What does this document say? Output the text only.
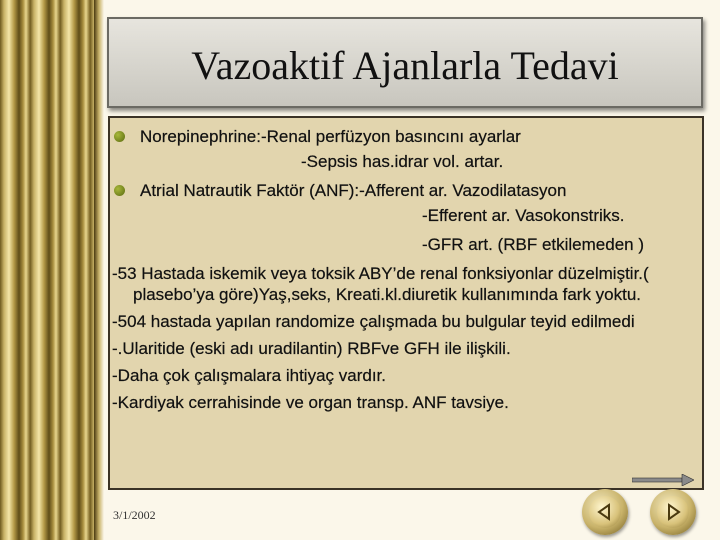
Vazoaktif Ajanlarla Tedavi
Norepinephrine:-Renal perfüzyon basıncını ayarlar
-Sepsis has.idrar vol. artar.
Atrial Natrautik Faktör (ANF):-Afferent ar. Vazodilatasyon
-Efferent ar. Vasokonstriks.
-GFR art. (RBF etkilemeden )
-53 Hastada iskemik veya toksik ABY’de renal fonksiyonlar düzelmiştir.( plasebo’ya göre)Yaş,seks, Kreati.kl.diuretik kullanımında fark yoktu.
-504 hastada yapılan randomize çalışmada bu bulgular teyid edilmedi
-.Ularitide (eski adı uradilantin) RBFve GFH ile ilişkili.
-Daha çok çalışmalara ihtiyaç vardır.
-Kardiyak cerrahisinde ve organ transp. ANF tavsiye.
3/1/2002
